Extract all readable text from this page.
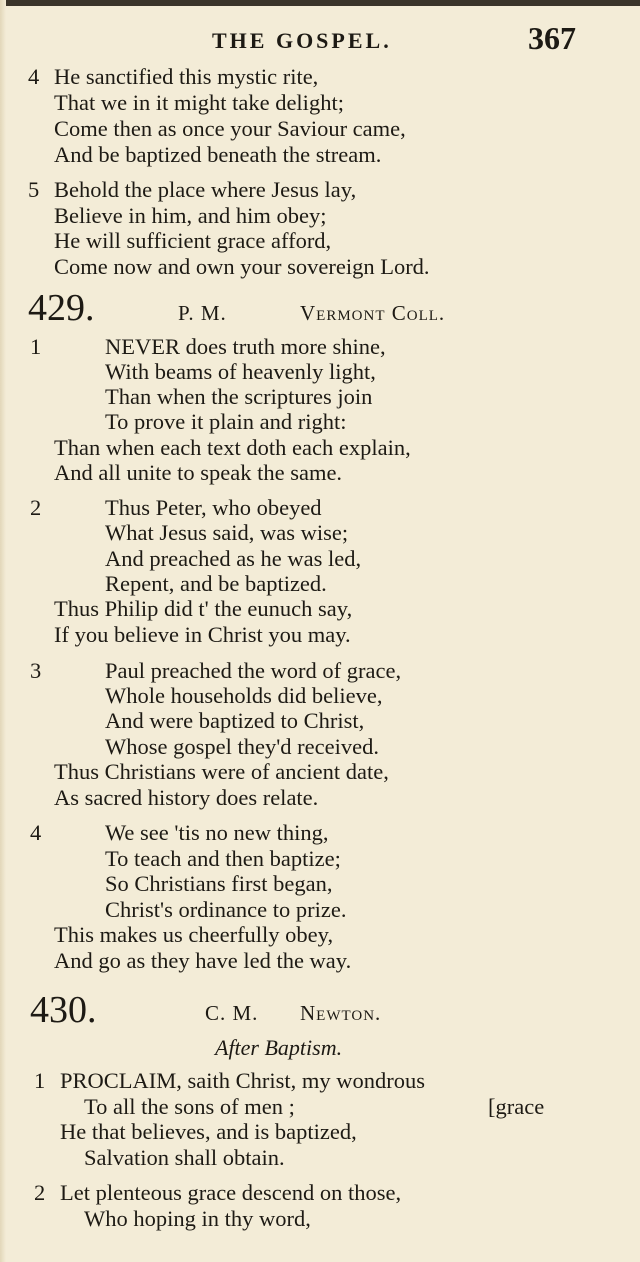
THE GOSPEL.	367
4 He sanctified this mystic rite,
That we in it might take delight;
Come then as once your Saviour came,
And be baptized beneath the stream.
5 Behold the place where Jesus lay,
Believe in him, and him obey;
He will sufficient grace afford,
Come now and own your sovereign Lord.
429.	P. M.	Vermont Coll.
1	NEVER does truth more shine,
With beams of heavenly light,
Than when the scriptures join
To prove it plain and right:
Than when each text doth each explain,
And all unite to speak the same.
2	Thus Peter, who obeyed
What Jesus said, was wise;
And preached as he was led,
Repent, and be baptized.
Thus Philip did t' the eunuch say,
If you believe in Christ you may.
3	Paul preached the word of grace,
Whole households did believe,
And were baptized to Christ,
Whose gospel they'd received.
Thus Christians were of ancient date,
As sacred history does relate.
4	We see 'tis no new thing,
To teach and then baptize;
So Christians first began,
Christ's ordinance to prize.
This makes us cheerfully obey,
And go as they have led the way.
430.	C. M. Newton.
After Baptism.
1 PROCLAIM, saith Christ, my wondrous
To all the sons of men ;	[grace
He that believes, and is baptized,
Salvation shall obtain.
2 Let plenteous grace descend on those,
Who hoping in thy word,
